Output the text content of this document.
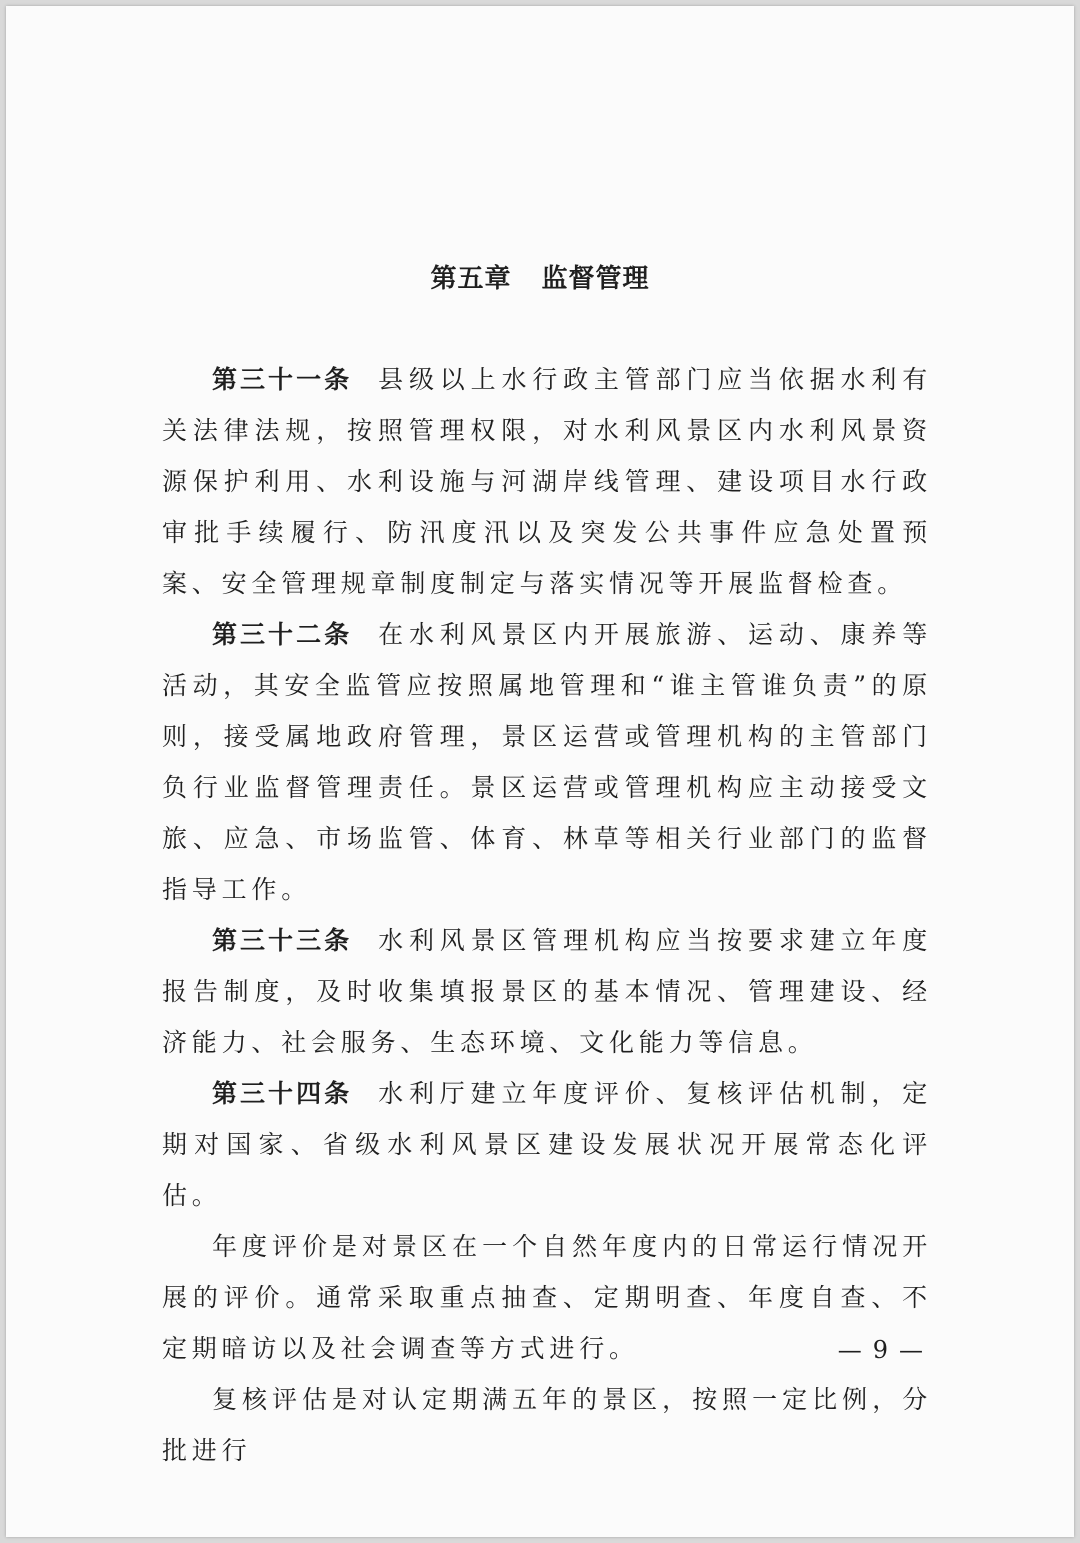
第五章 监督管理

第三十一条 县级以上水行政主管部门应当依据水利有关法律法规，按照管理权限，对水利风景区内水利风景资源保护利用、水利设施与河湖岸线管理、建设项目水行政审批手续履行、防汛度汛以及突发公共事件应急处置预案、安全管理规章制度制定与落实情况等开展监督检查。

第三十二条 在水利风景区内开展旅游、运动、康养等活动，其安全监管应按照属地管理和“谁主管谁负责”的原则，接受属地政府管理，景区运营或管理机构的主管部门负行业监督管理责任。景区运营或管理机构应主动接受文旅、应急、市场监管、体育、林草等相关行业部门的监督指导工作。

第三十三条 水利风景区管理机构应当按要求建立年度报告制度，及时收集填报景区的基本情况、管理建设、经济能力、社会服务、生态环境、文化能力等信息。

第三十四条 水利厅建立年度评价、复核评估机制，定期对国家、省级水利风景区建设发展状况开展常态化评估。

年度评价是对景区在一个自然年度内的日常运行情况开展的评价。通常采取重点抽查、定期明查、年度自查、不定期暗访以及社会调查等方式进行。

复核评估是对认定期满五年的景区，按照一定比例，分批进行

— 9 —
